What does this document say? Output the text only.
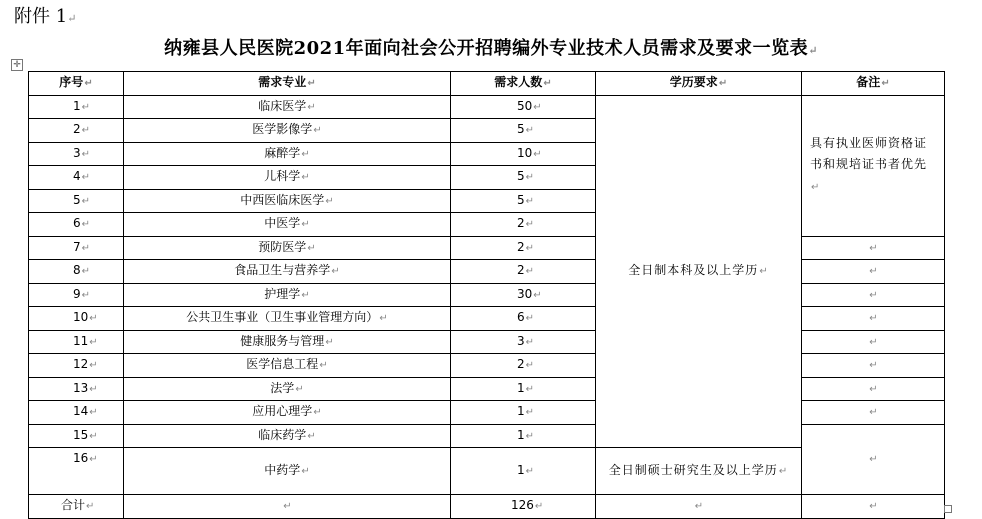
附件 1↵
纳雍县人民医院2021年面向社会公开招聘编外专业技术人员需求及要求一览表↵
✛
序号↵	需求专业↵	需求人数↵	学历要求↵	备注↵
1↵	临床医学↵	50↵	全日制本科及以上学历↵	具有执业医师资格证书和规培证书者优先↵
2↵	医学影像学↵	5↵		
3↵	麻醉学↵	10↵		
4↵	儿科学↵	5↵		
5↵	中西医临床医学↵	5↵		
6↵	中医学↵	2↵		
7↵	预防医学↵	2↵		↵
8↵	食品卫生与营养学↵	2↵		↵
9↵	护理学↵	30↵		↵
10↵	公共卫生事业（卫生事业管理方向）↵	6↵		↵
11↵	健康服务与管理↵	3↵		↵
12↵	医学信息工程↵	2↵		↵
13↵	法学↵	1↵		↵
14↵	应用心理学↵	1↵		↵
15↵	临床药学↵	1↵		↵
16↵	中药学↵	1↵	全日制硕士研究生及以上学历↵	
合计↵	↵	126↵	↵	↵
